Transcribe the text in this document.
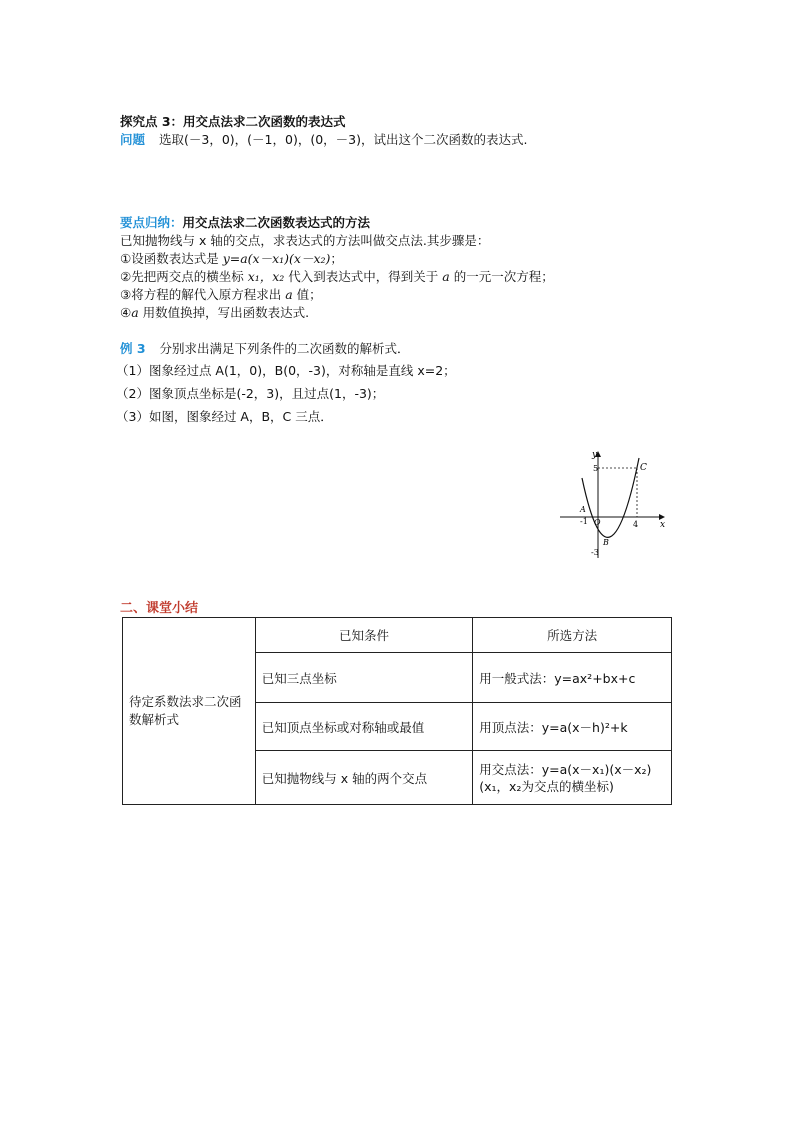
探究点 3：用交点法求二次函数的表达式
问题 选取(－3，0)，(－1，0)，(0，－3)，试出这个二次函数的表达式.
要点归纳：用交点法求二次函数表达式的方法
已知抛物线与 x 轴的交点，求表达式的方法叫做交点法.其步骤是：
①设函数表达式是 y=a(x－x₁)(x－x₂)；
②先把两交点的横坐标 x₁，x₂ 代入到表达式中，得到关于 a 的一元一次方程；
③将方程的解代入原方程求出 a 值；
④a 用数值换掉，写出函数表达式.
例 3 分别求出满足下列条件的二次函数的解析式．
（1）图象经过点 A(1，0)，B(0，-3)，对称轴是直线 x=2；
（2）图象顶点坐标是(-2，3)，且过点(1，-3)；
（3）如图，图象经过 A，B，C 三点．
y
x
5
-1 O	4
-3
A
B
C
二、课堂小结
待定系数法求二次函数解析式	已知条件	所选方法
	已知三点坐标	用一般式法：y=ax²+bx+c
	已知顶点坐标或对称轴或最值	用顶点法：y=a(x－h)²+k
	已知抛物线与 x 轴的两个交点	用交点法：y=a(x－x₁)(x－x₂)
(x₁，x₂为交点的横坐标)
